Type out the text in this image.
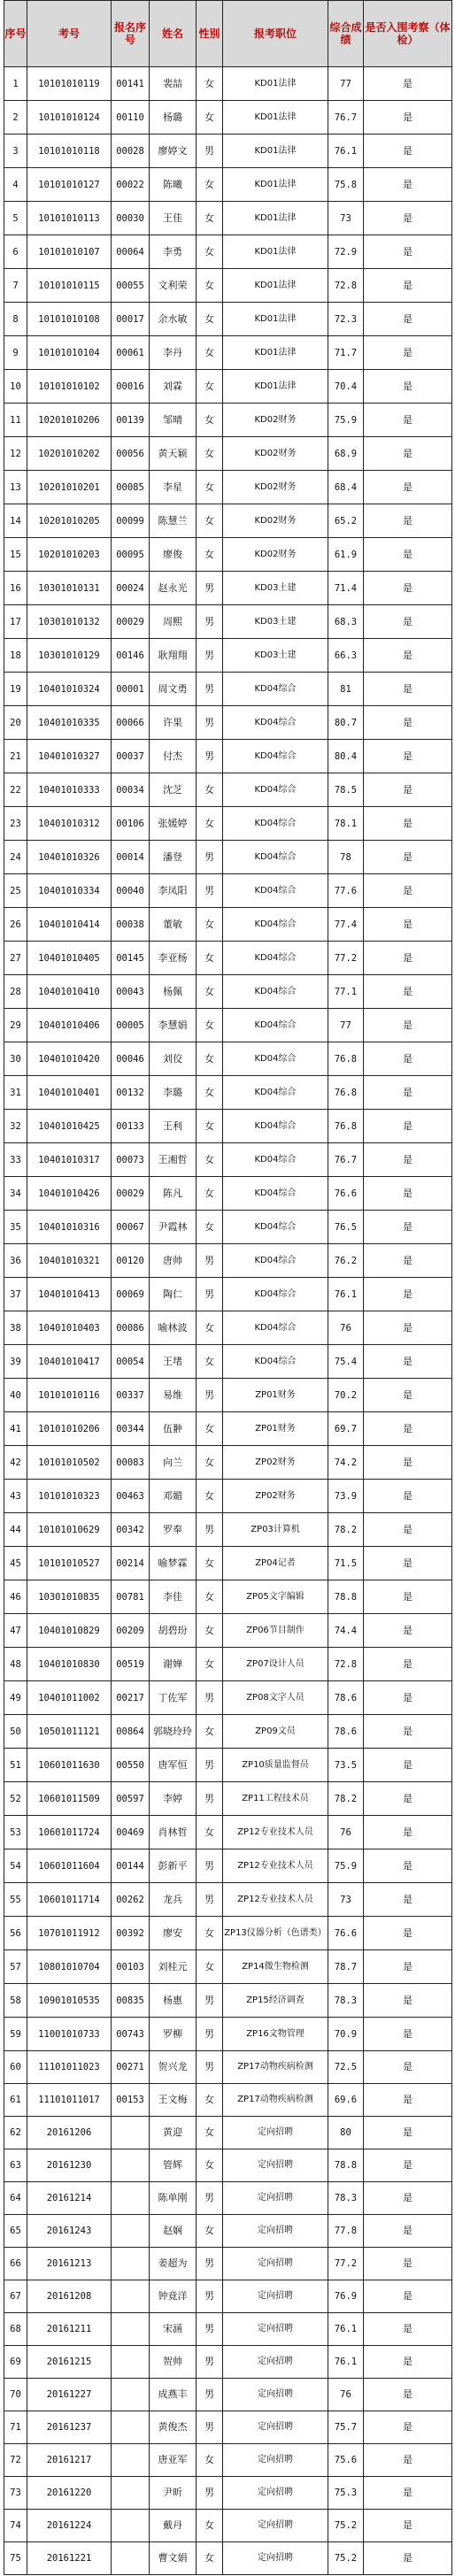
序号	考号	报名序号	姓名	性别	报考职位	综合成绩	是否入围考察（体检）
1	10101010119	00141	裴喆	女	KD01法律	77	是
2	10101010124	00110	杨璐	女	KD01法律	76.7	是
3	10101010118	00028	廖婷文	男	KD01法律	76.1	是
4	10101010127	00022	陈曦	女	KD01法律	75.8	是
5	10101010113	00030	王佳	女	KD01法律	73	是
6	10101010107	00064	李勇	女	KD01法律	72.9	是
7	10101010115	00055	文利荣	女	KD01法律	72.8	是
8	10101010108	00017	余水敏	女	KD01法律	72.3	是
9	10101010104	00061	李丹	女	KD01法律	71.7	是
10	10101010102	00016	刘霖	女	KD01法律	70.4	是
11	10201010206	00139	邹晴	女	KD02财务	75.9	是
12	10201010202	00056	黄天颖	女	KD02财务	68.9	是
13	10201010201	00085	李星	女	KD02财务	68.4	是
14	10201010205	00099	陈慧兰	女	KD02财务	65.2	是
15	10201010203	00095	廖俊	女	KD02财务	61.9	是
16	10301010131	00024	赵永光	男	KD03土建	71.4	是
17	10301010132	00029	周熙	男	KD03土建	68.3	是
18	10301010129	00146	耿翔翔	男	KD03土建	66.3	是
19	10401010324	00001	周文勇	男	KD04综合	81	是
20	10401010335	00066	许果	男	KD04综合	80.7	是
21	10401010327	00037	付杰	男	KD04综合	80.4	是
22	10401010333	00034	沈芝	女	KD04综合	78.5	是
23	10401010312	00106	张媛婷	女	KD04综合	78.1	是
24	10401010326	00014	潘登	男	KD04综合	78	是
25	10401010334	00040	李凤阳	男	KD04综合	77.6	是
26	10401010414	00038	董敏	女	KD04综合	77.4	是
27	10401010405	00145	李亚杨	女	KD04综合	77.2	是
28	10401010410	00043	杨佩	女	KD04综合	77.1	是
29	10401010406	00005	李慧娟	女	KD04综合	77	是
30	10401010420	00046	刘佼	女	KD04综合	76.8	是
31	10401010401	00132	李璐	女	KD04综合	76.8	是
32	10401010425	00133	王利	女	KD04综合	76.8	是
33	10401010317	00073	王湘哲	女	KD04综合	76.7	是
34	10401010426	00029	陈凡	女	KD04综合	76.6	是
35	10401010316	00067	尹霞林	女	KD04综合	76.5	是
36	10401010321	00120	唐帅	男	KD04综合	76.2	是
37	10401010413	00069	陶仁	男	KD04综合	76.1	是
38	10401010403	00086	喻林波	女	KD04综合	76	是
39	10401010417	00054	王堵	女	KD04综合	75.4	是
40	10101010116	00337	易维	男	ZP01财务	70.2	是
41	10101010206	00344	伍翀	女	ZP01财务	69.7	是
42	10101010502	00083	向兰	女	ZP02财务	74.2	是
43	10101010323	00463	邓媚	女	ZP02财务	73.9	是
44	10101010629	00342	罗奉	男	ZP03计算机	78.2	是
45	10101010527	00214	喻梦霖	女	ZP04记者	71.5	是
46	10301010835	00781	李佳	女	ZP05文字编辑	78.8	是
47	10401010829	00209	胡碧玢	女	ZP06节目制作	74.4	是
48	10401010830	00519	谢婵	女	ZP07设计人员	72.8	是
49	10401011002	00217	丁佐军	男	ZP08文字人员	78.6	是
50	10501011121	00864	郭晓玲玲	女	ZP09文员	78.6	是
51	10601011630	00550	唐军恒	男	ZP10质量监督员	73.5	是
52	10601011509	00597	李婷	男	ZP11工程技术员	78.2	是
53	10601011724	00469	肖林哲	女	ZP12专业技术人员	76	是
54	10601011604	00144	彭新平	男	ZP12专业技术人员	75.9	是
55	10601011714	00262	龙兵	男	ZP12专业技术人员	73	是
56	10701011912	00392	廖安	女	ZP13仪器分析（色谱类）	76.6	是
57	10801010704	00103	刘桂元	女	ZP14微生物检测	78.7	是
58	10901010535	00835	杨惠	男	ZP15经济调查	78.3	是
59	11001010733	00743	罗柳	男	ZP16文物管理	70.9	是
60	11101011023	00271	贺兴龙	男	ZP17动物疾病检测	72.5	是
61	11101011017	00153	王文梅	女	ZP17动物疾病检测	69.6	是
62	20161206		黄迎	女	定向招聘	80	是
63	20161230		管辉	女	定向招聘	78.8	是
64	20161214		陈单刚	男	定向招聘	78.3	是
65	20161243		赵娴	女	定向招聘	77.8	是
66	20161213		姜超为	男	定向招聘	77.2	是
67	20161208		钟竟洋	男	定向招聘	76.9	是
68	20161211		宋涵	男	定向招聘	76.1	是
69	20161215		贺帅	男	定向招聘	76.1	是
70	20161227		成燕丰	男	定向招聘	76	是
71	20161237		黄俊杰	男	定向招聘	75.7	是
72	20161217		唐亚军	女	定向招聘	75.6	是
73	20161220		尹昕	男	定向招聘	75.3	是
74	20161224		戴丹	女	定向招聘	75.2	是
75	20161221		曹文娟	女	定向招聘	75.2	是
